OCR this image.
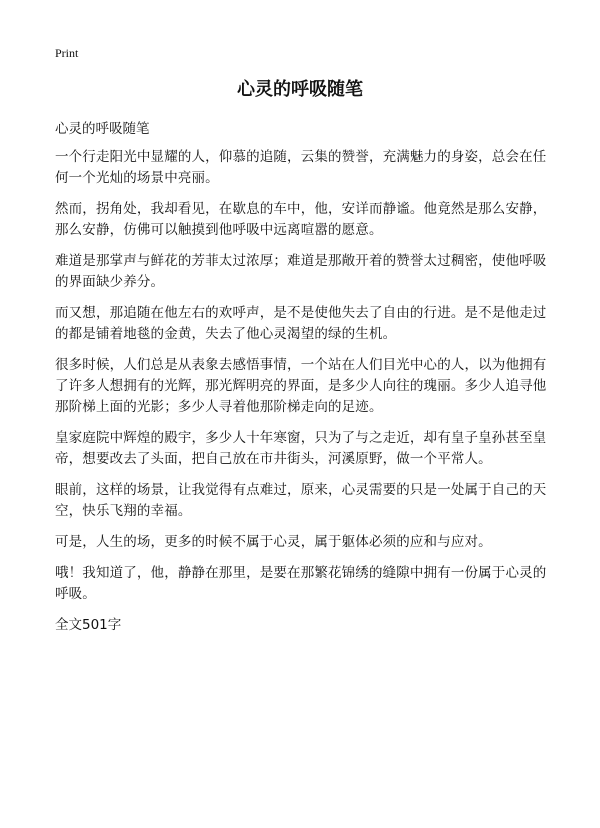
Print
心灵的呼吸随笔

心灵的呼吸随笔

一个行走阳光中显耀的人，仰慕的追随，云集的赞誉，充满魅力的身姿，总会在任何一个光灿的场景中亮丽。

然而，拐角处，我却看见，在歇息的车中，他，安详而静谧。他竟然是那么安静，那么安静，仿佛可以触摸到他呼吸中远离喧嚣的愿意。

难道是那掌声与鲜花的芳菲太过浓厚；难道是那敞开着的赞誉太过稠密，使他呼吸的界面缺少养分。

而又想，那追随在他左右的欢呼声，是不是使他失去了自由的行进。是不是他走过的都是铺着地毯的金黄，失去了他心灵渴望的绿的生机。

很多时候，人们总是从表象去感悟事情，一个站在人们目光中心的人，以为他拥有了许多人想拥有的光辉，那光辉明亮的界面，是多少人向往的瑰丽。多少人追寻他那阶梯上面的光影；多少人寻着他那阶梯走向的足迹。

皇家庭院中辉煌的殿宇，多少人十年寒窗，只为了与之走近，却有皇子皇孙甚至皇帝，想要改去了头面，把自己放在市井街头，河溪原野，做一个平常人。

眼前，这样的场景，让我觉得有点难过，原来，心灵需要的只是一处属于自己的天空，快乐飞翔的幸福。

可是，人生的场，更多的时候不属于心灵，属于躯体必须的应和与应对。

哦！我知道了，他，静静在那里，是要在那繁花锦绣的缝隙中拥有一份属于心灵的呼吸。

全文501字
